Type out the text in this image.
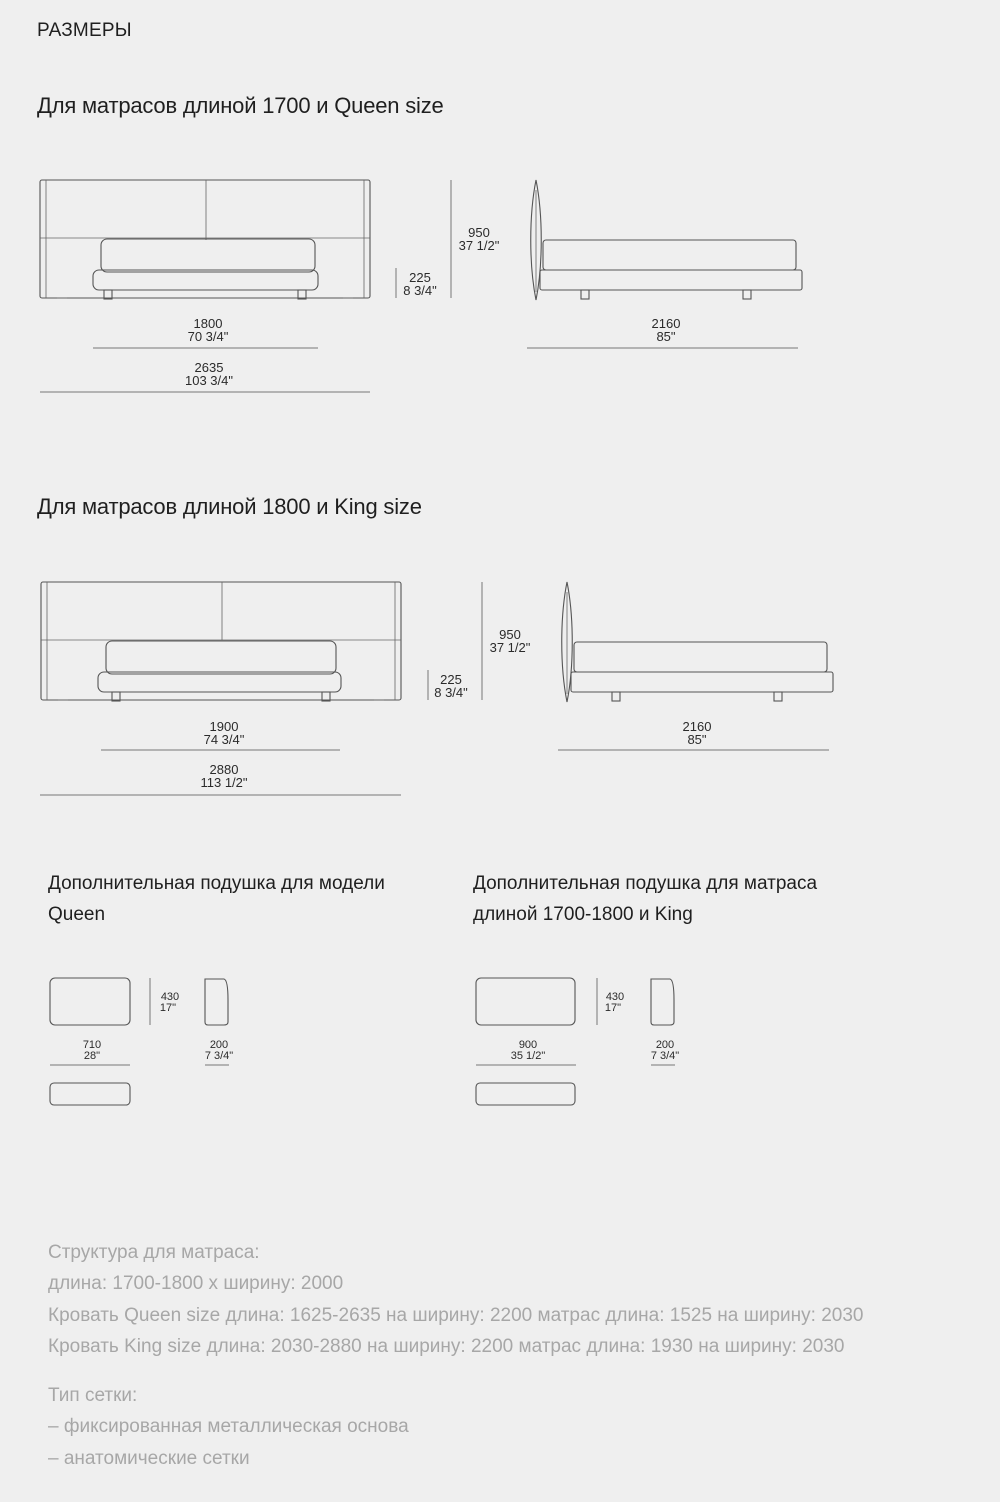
РАЗМЕРЫ
Для матрасов длиной 1700 и Queen size
Для матрасов длиной 1800 и King size
225
8 3/4"
950
37 1/2"
1800
70 3/4"
2635
103 3/4"
2160
85"
225
8 3/4"
950
37 1/2"
1900
74 3/4"
2880
113 1/2"
2160
85"
430
17"
710
28"
200
7 3/4"
430
17"
900
35 1/2"
200
7 3/4"
Дополнительная подушка для модели Queen
Дополнительная подушка для матраса длиной 1700-1800 и King
Структура для матраса:
длина: 1700-1800 х ширину: 2000
Кровать Queen size длина: 1625-2635 на ширину: 2200 матрас длина: 1525 на ширину: 2030
Кровать King size длина: 2030-2880 на ширину: 2200 матрас длина: 1930 на ширину: 2030
Тип сетки:
– фиксированная металлическая основа
– анатомические сетки
